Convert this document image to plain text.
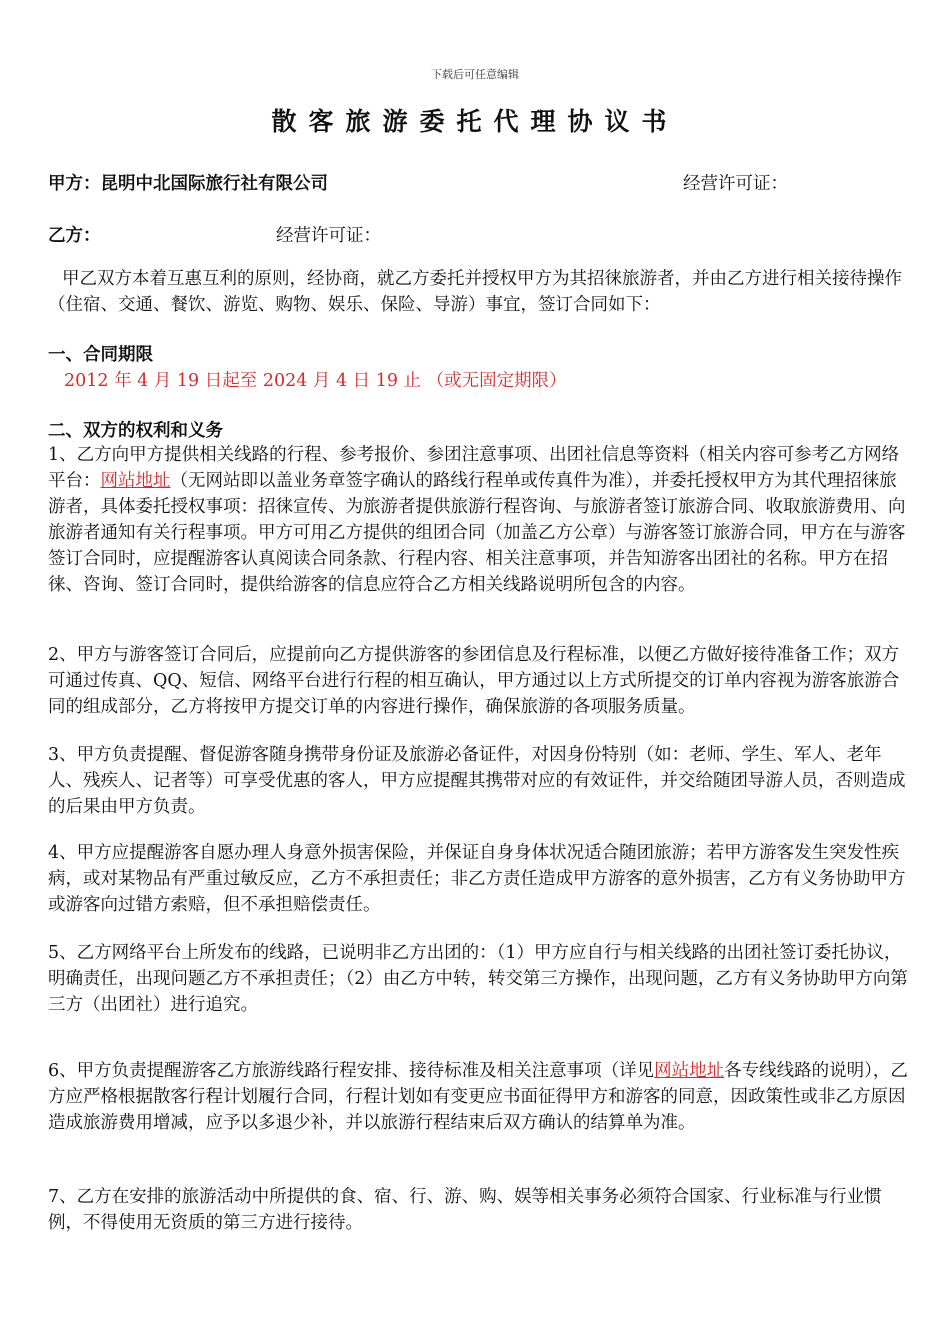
下载后可任意编辑
散客旅游委托代理协议书
甲方：昆明中北国际旅行社有限公司	经营许可证：
乙方：	经营许可证：
甲乙双方本着互惠互利的原则，经协商，就乙方委托并授权甲方为其招徕旅游者，并由乙方进行相关接待操作（住宿、交通、餐饮、游览、购物、娱乐、保险、导游）事宜，签订合同如下：
一、合同期限
2012 年 4 月 19 日起至 2024 月 4 日 19 止 （或无固定期限）
二、双方的权利和义务
1、乙方向甲方提供相关线路的行程、参考报价、参团注意事项、出团社信息等资料（相关内容可参考乙方网络平台：网站地址（无网站即以盖业务章签字确认的路线行程单或传真件为准），并委托授权甲方为其代理招徕旅游者，具体委托授权事项：招徕宣传、为旅游者提供旅游行程咨询、与旅游者签订旅游合同、收取旅游费用、向旅游者通知有关行程事项。甲方可用乙方提供的组团合同（加盖乙方公章）与游客签订旅游合同，甲方在与游客签订合同时，应提醒游客认真阅读合同条款、行程内容、相关注意事项，并告知游客出团社的名称。甲方在招徕、咨询、签订合同时，提供给游客的信息应符合乙方相关线路说明所包含的内容。
2、甲方与游客签订合同后，应提前向乙方提供游客的参团信息及行程标准，以便乙方做好接待准备工作；双方可通过传真、QQ、短信、网络平台进行行程的相互确认，甲方通过以上方式所提交的订单内容视为游客旅游合同的组成部分，乙方将按甲方提交订单的内容进行操作，确保旅游的各项服务质量。
3、甲方负责提醒、督促游客随身携带身份证及旅游必备证件，对因身份特别（如：老师、学生、军人、老年人、残疾人、记者等）可享受优惠的客人，甲方应提醒其携带对应的有效证件，并交给随团导游人员，否则造成的后果由甲方负责。
4、甲方应提醒游客自愿办理人身意外损害保险，并保证自身身体状况适合随团旅游；若甲方游客发生突发性疾病，或对某物品有严重过敏反应，乙方不承担责任；非乙方责任造成甲方游客的意外损害，乙方有义务协助甲方或游客向过错方索赔，但不承担赔偿责任。
5、乙方网络平台上所发布的线路，已说明非乙方出团的：（1）甲方应自行与相关线路的出团社签订委托协议，明确责任，出现问题乙方不承担责任；（2）由乙方中转，转交第三方操作，出现问题，乙方有义务协助甲方向第三方（出团社）进行追究。
6、甲方负责提醒游客乙方旅游线路行程安排、接待标准及相关注意事项（详见网站地址各专线线路的说明），乙方应严格根据散客行程计划履行合同，行程计划如有变更应书面征得甲方和游客的同意，因政策性或非乙方原因造成旅游费用增减，应予以多退少补，并以旅游行程结束后双方确认的结算单为准。
7、乙方在安排的旅游活动中所提供的食、宿、行、游、购、娱等相关事务必须符合国家、行业标准与行业惯例，不得使用无资质的第三方进行接待。
